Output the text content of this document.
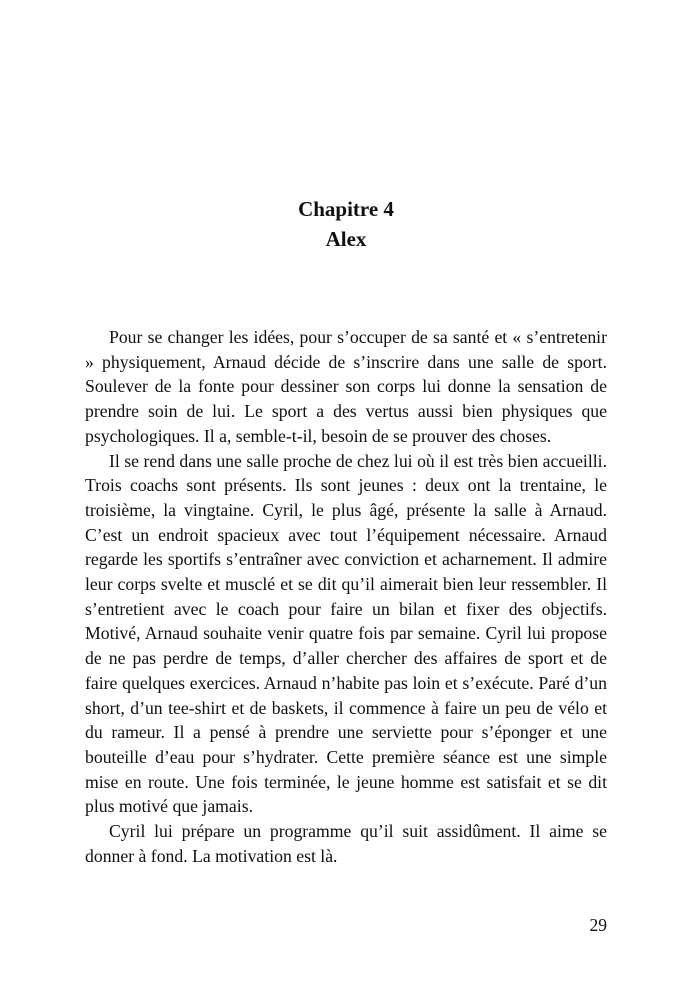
Chapitre 4
Alex

Pour se changer les idées, pour s’occuper de sa santé et « s’entretenir » physiquement, Arnaud décide de s’inscrire dans une salle de sport. Soulever de la fonte pour dessiner son corps lui donne la sensation de prendre soin de lui. Le sport a des vertus aussi bien physiques que psychologiques. Il a, semble-t-il, besoin de se prouver des choses.

Il se rend dans une salle proche de chez lui où il est très bien accueilli. Trois coachs sont présents. Ils sont jeunes : deux ont la trentaine, le troisième, la vingtaine. Cyril, le plus âgé, présente la salle à Arnaud. C’est un endroit spacieux avec tout l’équipement nécessaire. Arnaud regarde les sportifs s’entraîner avec conviction et acharnement. Il admire leur corps svelte et musclé et se dit qu’il aimerait bien leur ressembler. Il s’entretient avec le coach pour faire un bilan et fixer des objectifs. Motivé, Arnaud souhaite venir quatre fois par semaine. Cyril lui propose de ne pas perdre de temps, d’aller chercher des affaires de sport et de faire quelques exercices. Arnaud n’habite pas loin et s’exécute. Paré d’un short, d’un tee-shirt et de baskets, il commence à faire un peu de vélo et du rameur. Il a pensé à prendre une serviette pour s’éponger et une bouteille d’eau pour s’hydrater. Cette première séance est une simple mise en route. Une fois terminée, le jeune homme est satisfait et se dit plus motivé que jamais.

Cyril lui prépare un programme qu’il suit assidûment. Il aime se donner à fond. La motivation est là.

29
